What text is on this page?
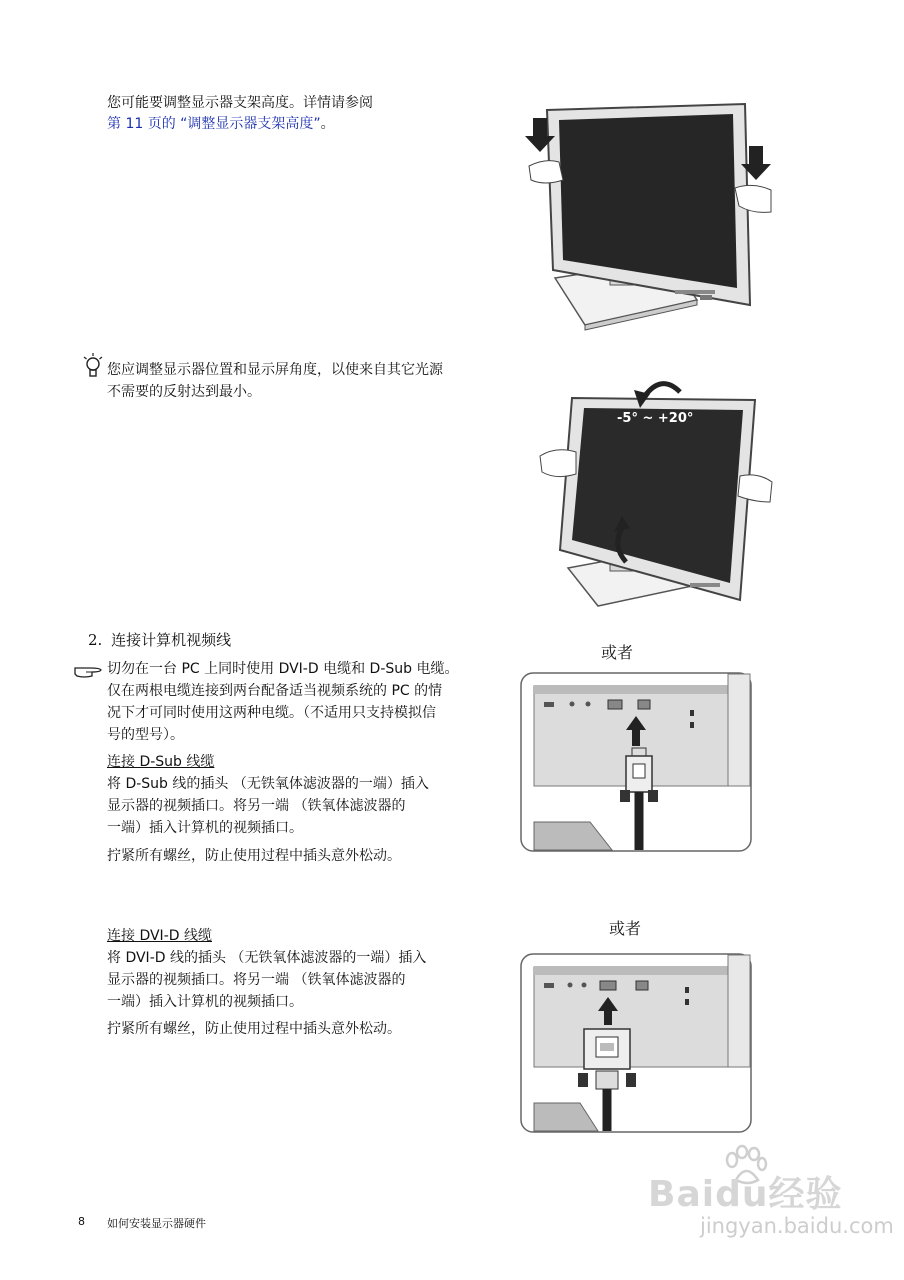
您可能要调整显示器支架高度。详情请参阅
第 11 页的 “调整显示器支架高度”。
您应调整显示器位置和显示屏角度，以使来自其它光源
不需要的反射达到最小。
-5° ~ +20°
2. 连接计算机视频线
切勿在一台 PC 上同时使用 DVI-D 电缆和 D-Sub 电缆。
仅在两根电缆连接到两台配备适当视频系统的 PC 的情
况下才可同时使用这两种电缆。（不适用只支持模拟信
号的型号）。
连接 D-Sub 线缆
将 D-Sub 线的插头 （无铁氧体滤波器的一端）插入
显示器的视频插口。将另一端 （铁氧体滤波器的
一端）插入计算机的视频插口。
拧紧所有螺丝，防止使用过程中插头意外松动。
或者
连接 DVI-D 线缆
将 DVI-D 线的插头 （无铁氧体滤波器的一端）插入
显示器的视频插口。将另一端 （铁氧体滤波器的
一端）插入计算机的视频插口。
拧紧所有螺丝，防止使用过程中插头意外松动。
或者
8 如何安装显示器硬件
Baidu经验
jingyan.baidu.com
